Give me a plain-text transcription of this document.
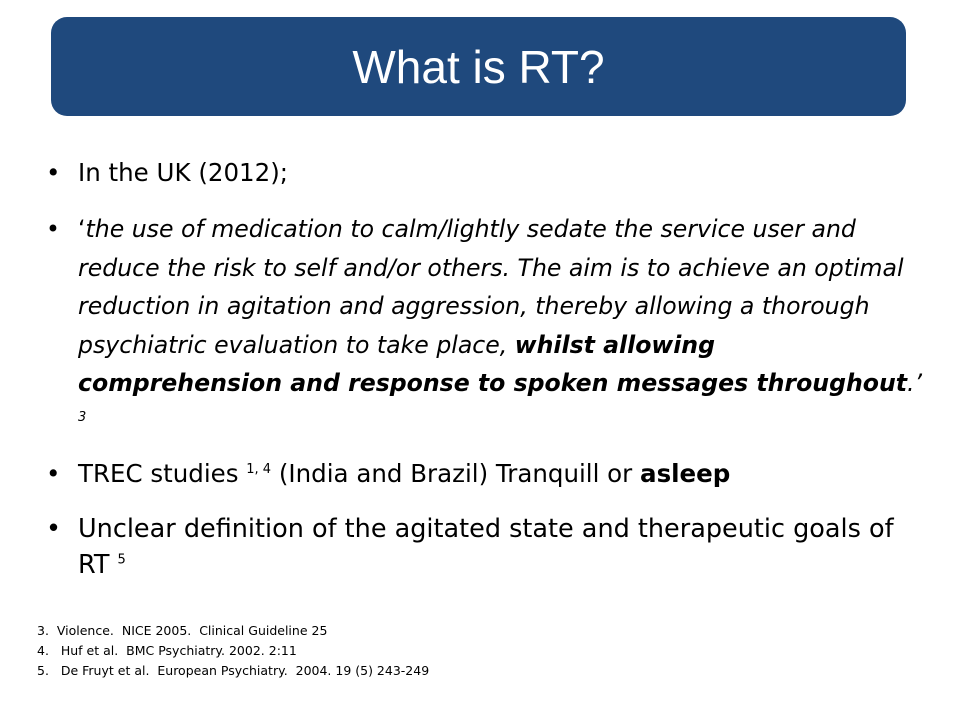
What is RT?
• In the UK (2012);
• ‘the use of medication to calm/lightly sedate the service user and reduce the risk to self and/or others. The aim is to achieve an optimal reduction in agitation and aggression, thereby allowing a thorough psychiatric evaluation to take place, whilst allowing comprehension and response to spoken messages throughout.’ $^3$
• TREC studies $^{1, 4}$ (India and Brazil) Tranquill or asleep
• Unclear definition of the agitated state and therapeutic goals of RT $^5$
3.  Violence.  NICE 2005.  Clinical Guideline 25
4.   Huf et al.  BMC Psychiatry. 2002. 2:11
5.   De Fruyt et al.  European Psychiatry.  2004. 19 (5) 243-249
